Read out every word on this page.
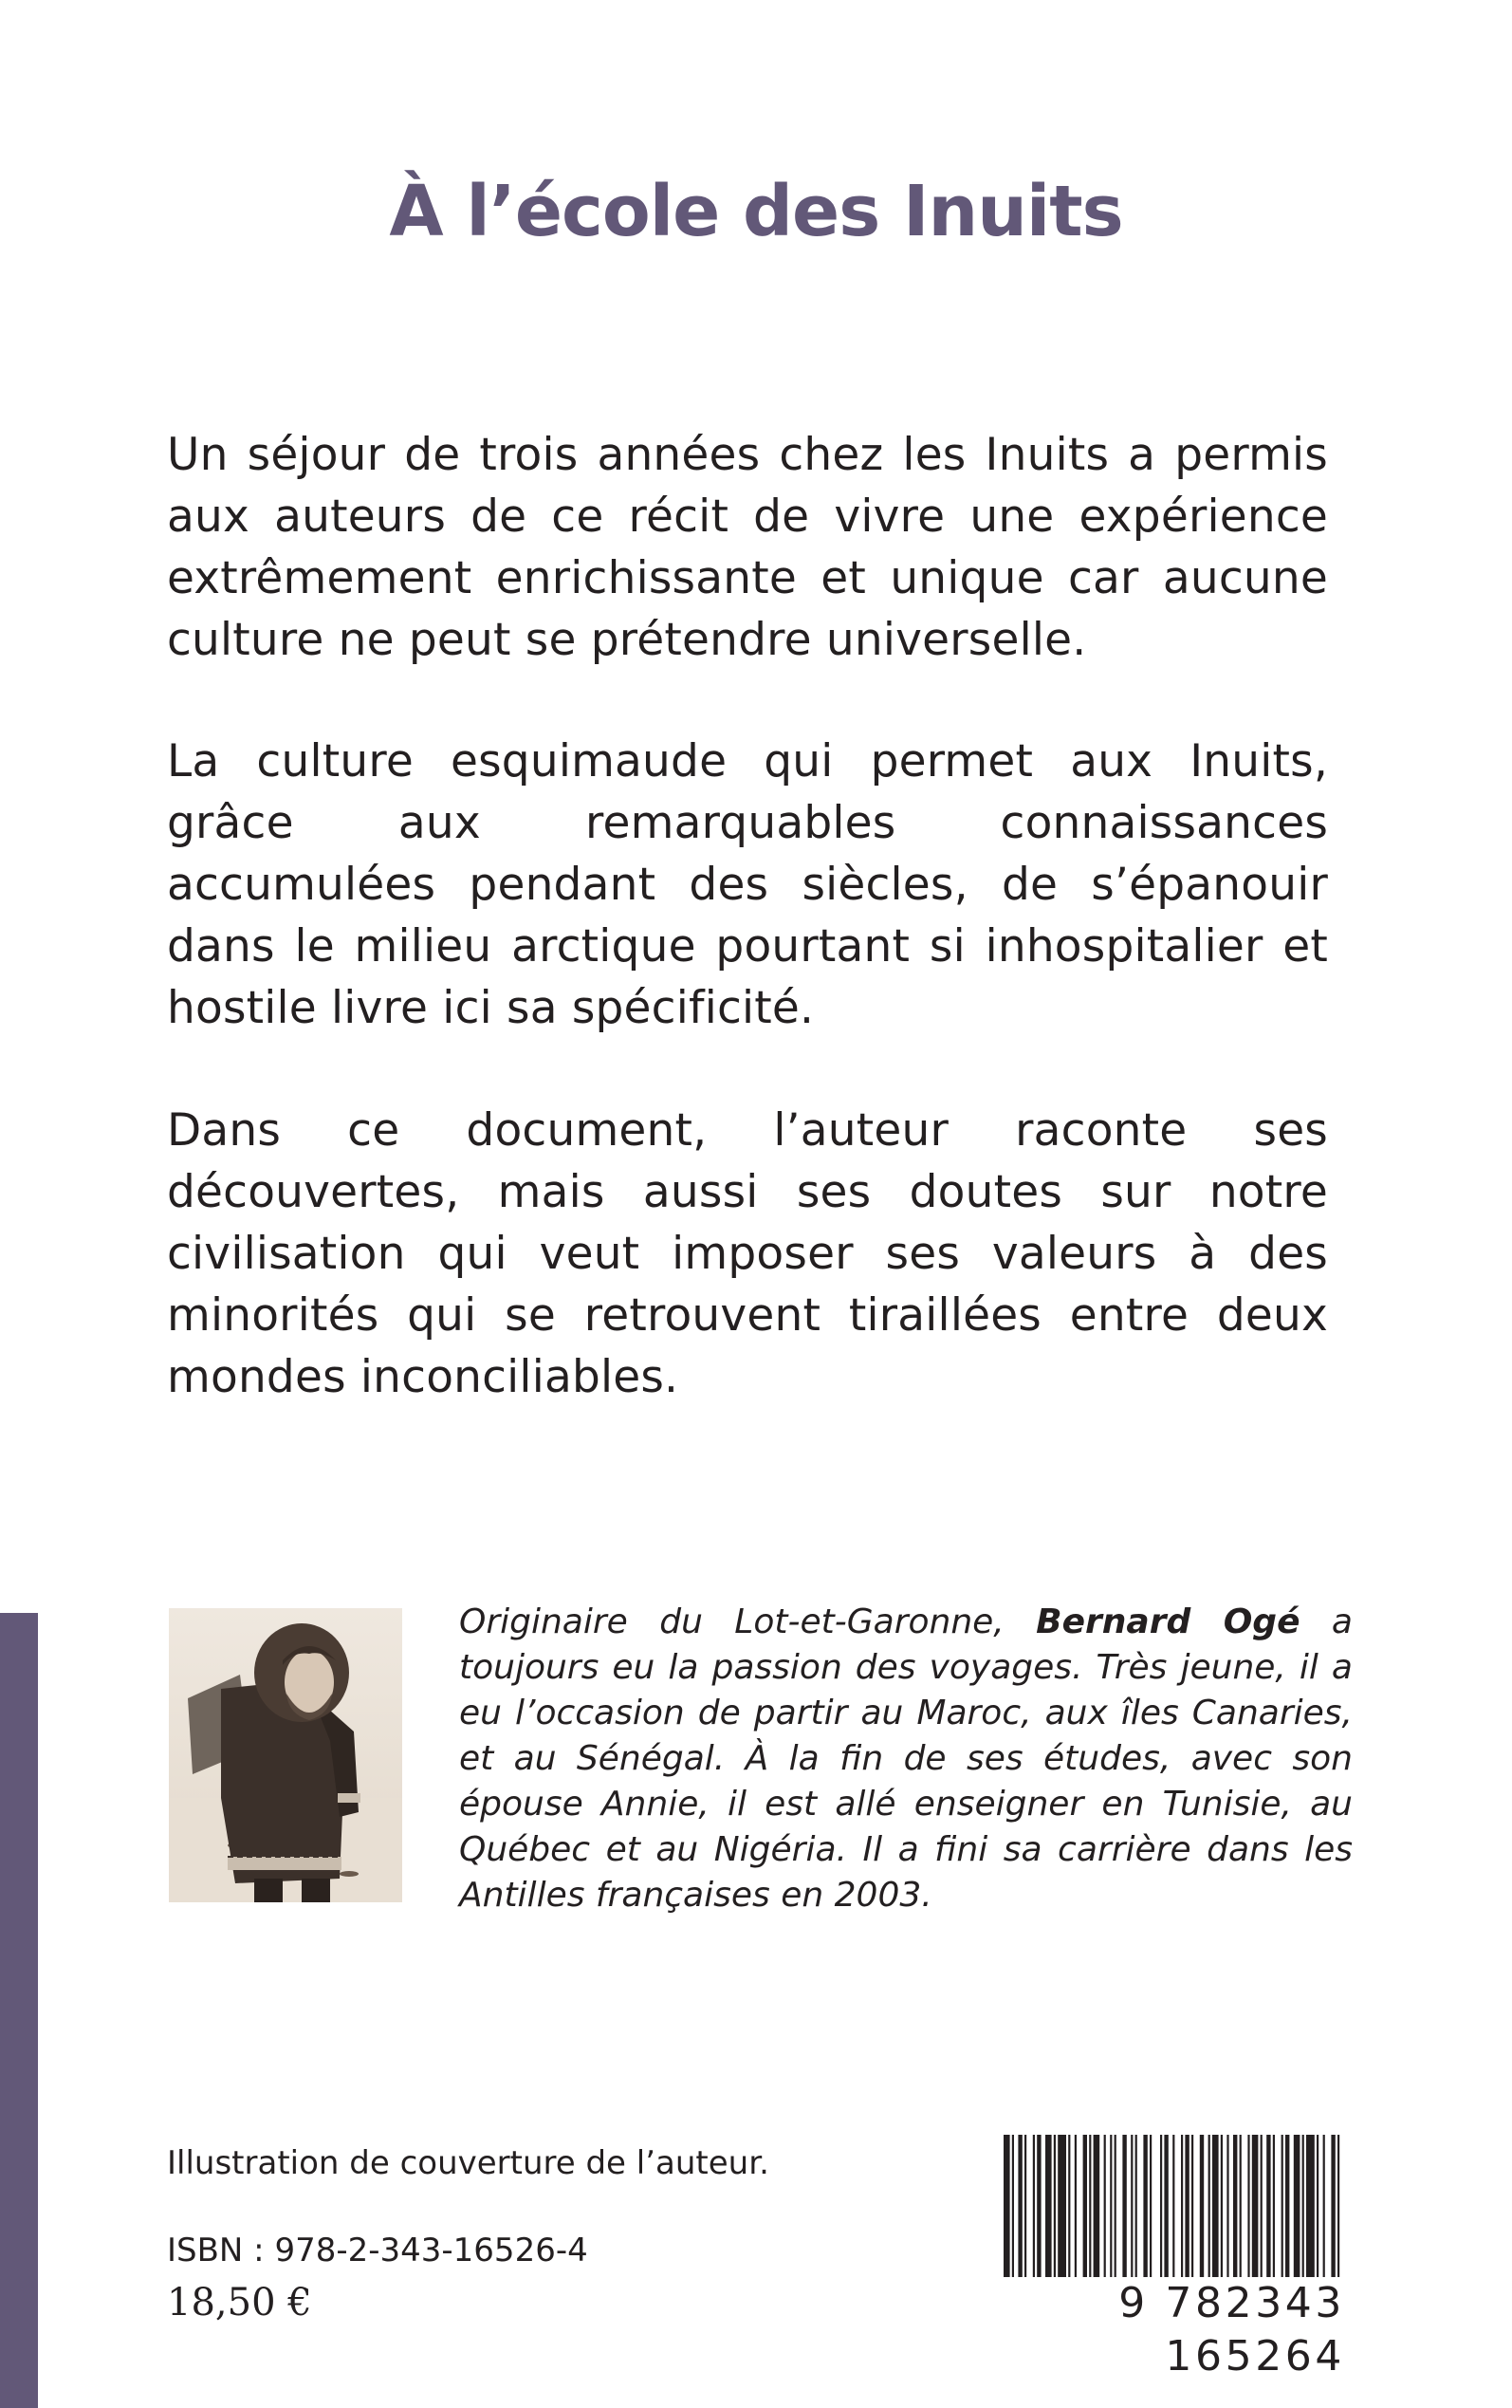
À l’école des Inuits

Un séjour de trois années chez les Inuits a permis aux auteurs de ce récit de vivre une expérience extrêmement enrichissante et unique car aucune culture ne peut se prétendre universelle.

La culture esquimaude qui permet aux Inuits, grâce aux remarquables connaissances accumulées pendant des siècles, de s’épanouir dans le milieu arctique pourtant si inhospitalier et hostile livre ici sa spécificité.

Dans ce document, l’auteur raconte ses découvertes, mais aussi ses doutes sur notre civilisation qui veut imposer ses valeurs à des minorités qui se retrouvent tiraillées entre deux mondes inconciliables.

Originaire du Lot-et-Garonne, Bernard Ogé a toujours eu la passion des voyages. Très jeune, il a eu l’occasion de partir au Maroc, aux îles Canaries, et au Sénégal. À la fin de ses études, avec son épouse Annie, il est allé enseigner en Tunisie, au Québec et au Nigéria. Il a fini sa carrière dans les Antilles françaises en 2003.

Illustration de couverture de l’auteur.

ISBN : 978-2-343-16526-4

18,50 €	9 782343 165264
